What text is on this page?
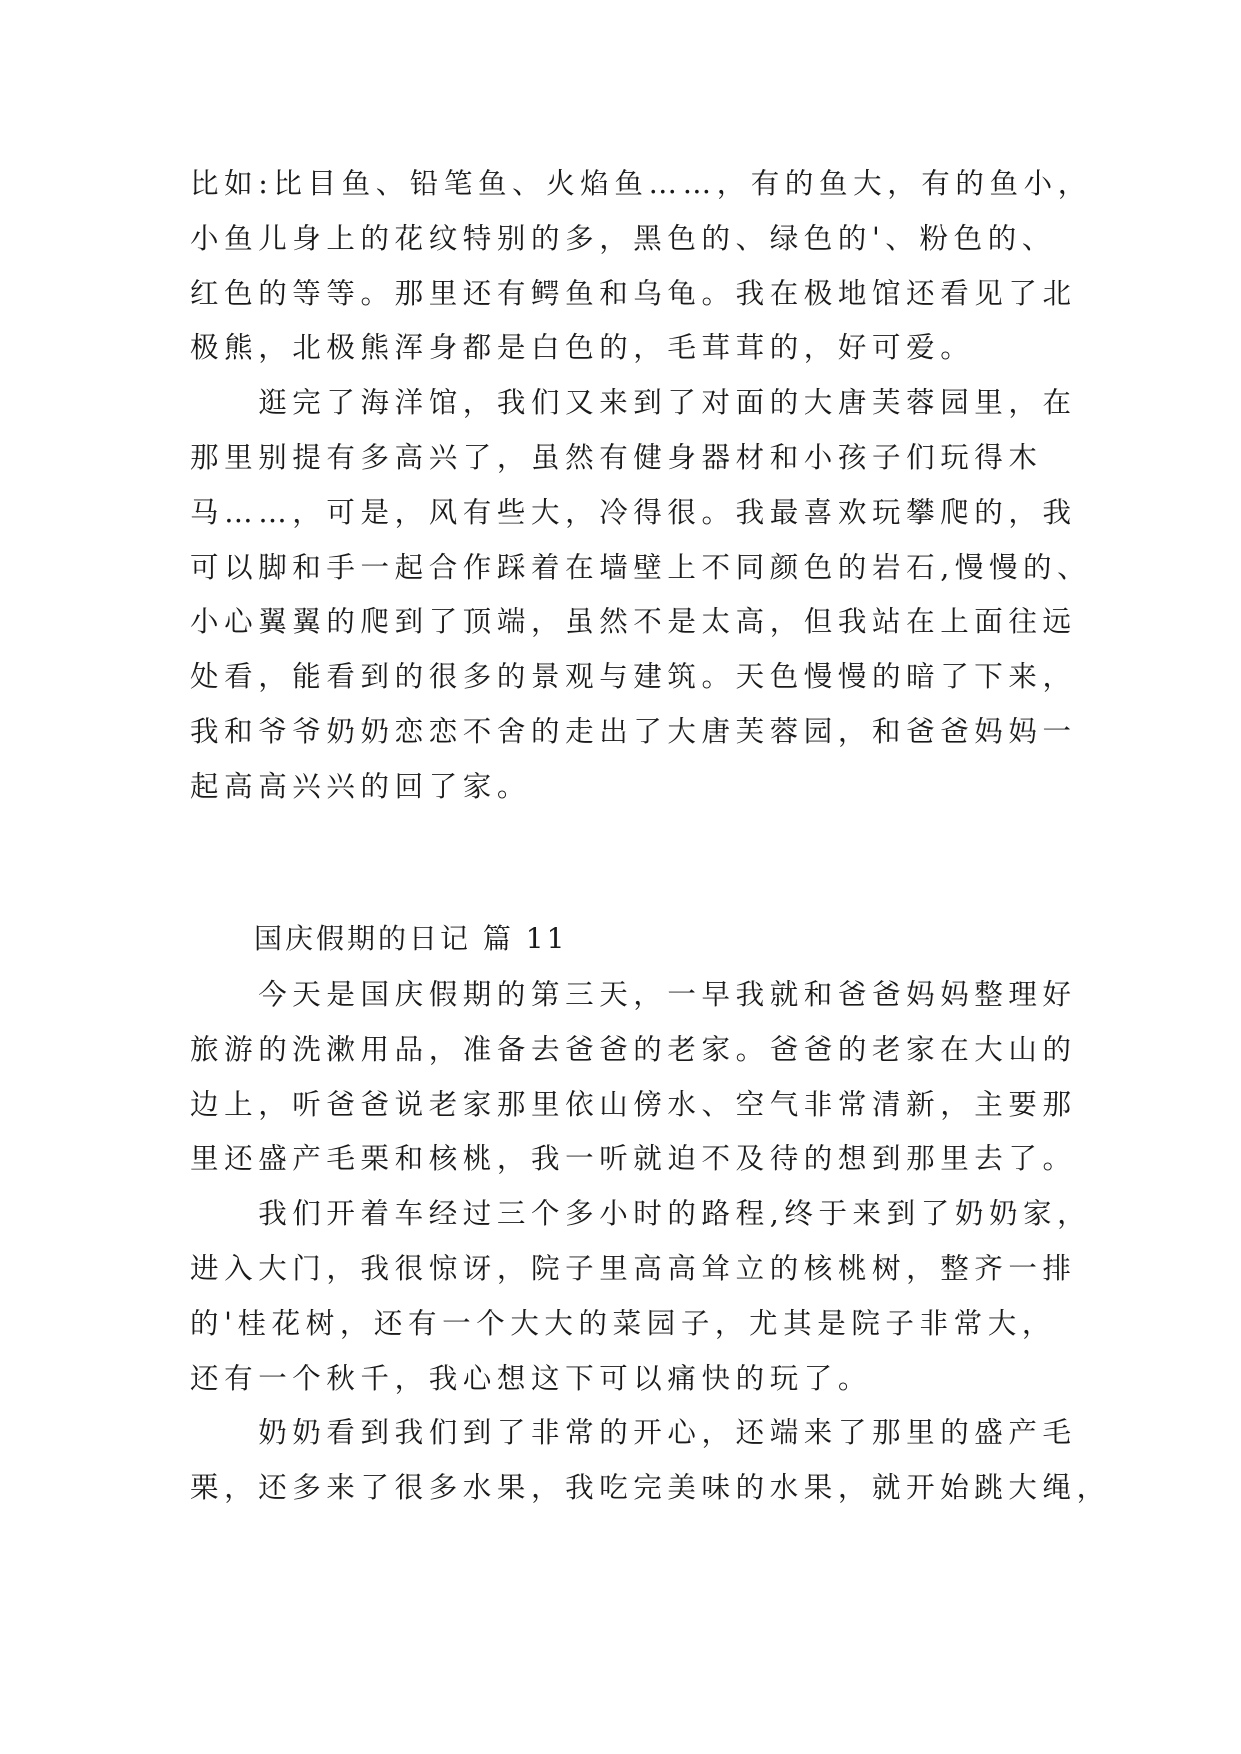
比如:比目鱼、铅笔鱼、火焰鱼……，有的鱼大，有的鱼小，
小鱼儿身上的花纹特别的多，黑色的、绿色的'、粉色的、
红色的等等。那里还有鳄鱼和乌龟。我在极地馆还看见了北
极熊，北极熊浑身都是白色的，毛茸茸的，好可爱。
　　逛完了海洋馆，我们又来到了对面的大唐芙蓉园里，在
那里别提有多高兴了，虽然有健身器材和小孩子们玩得木
马……，可是，风有些大，冷得很。我最喜欢玩攀爬的，我
可以脚和手一起合作踩着在墙壁上不同颜色的岩石,慢慢的、
小心翼翼的爬到了顶端，虽然不是太高，但我站在上面往远
处看，能看到的很多的景观与建筑。天色慢慢的暗了下来，
我和爷爷奶奶恋恋不舍的走出了大唐芙蓉园，和爸爸妈妈一
起高高兴兴的回了家。
国庆假期的日记 篇 11
　　今天是国庆假期的第三天，一早我就和爸爸妈妈整理好
旅游的洗漱用品，准备去爸爸的老家。爸爸的老家在大山的
边上，听爸爸说老家那里依山傍水、空气非常清新，主要那
里还盛产毛栗和核桃，我一听就迫不及待的想到那里去了。
　　我们开着车经过三个多小时的路程,终于来到了奶奶家，
进入大门，我很惊讶，院子里高高耸立的核桃树，整齐一排
的'桂花树，还有一个大大的菜园子，尤其是院子非常大，
还有一个秋千，我心想这下可以痛快的玩了。
　　奶奶看到我们到了非常的开心，还端来了那里的盛产毛
栗，还多来了很多水果，我吃完美味的水果，就开始跳大绳，
